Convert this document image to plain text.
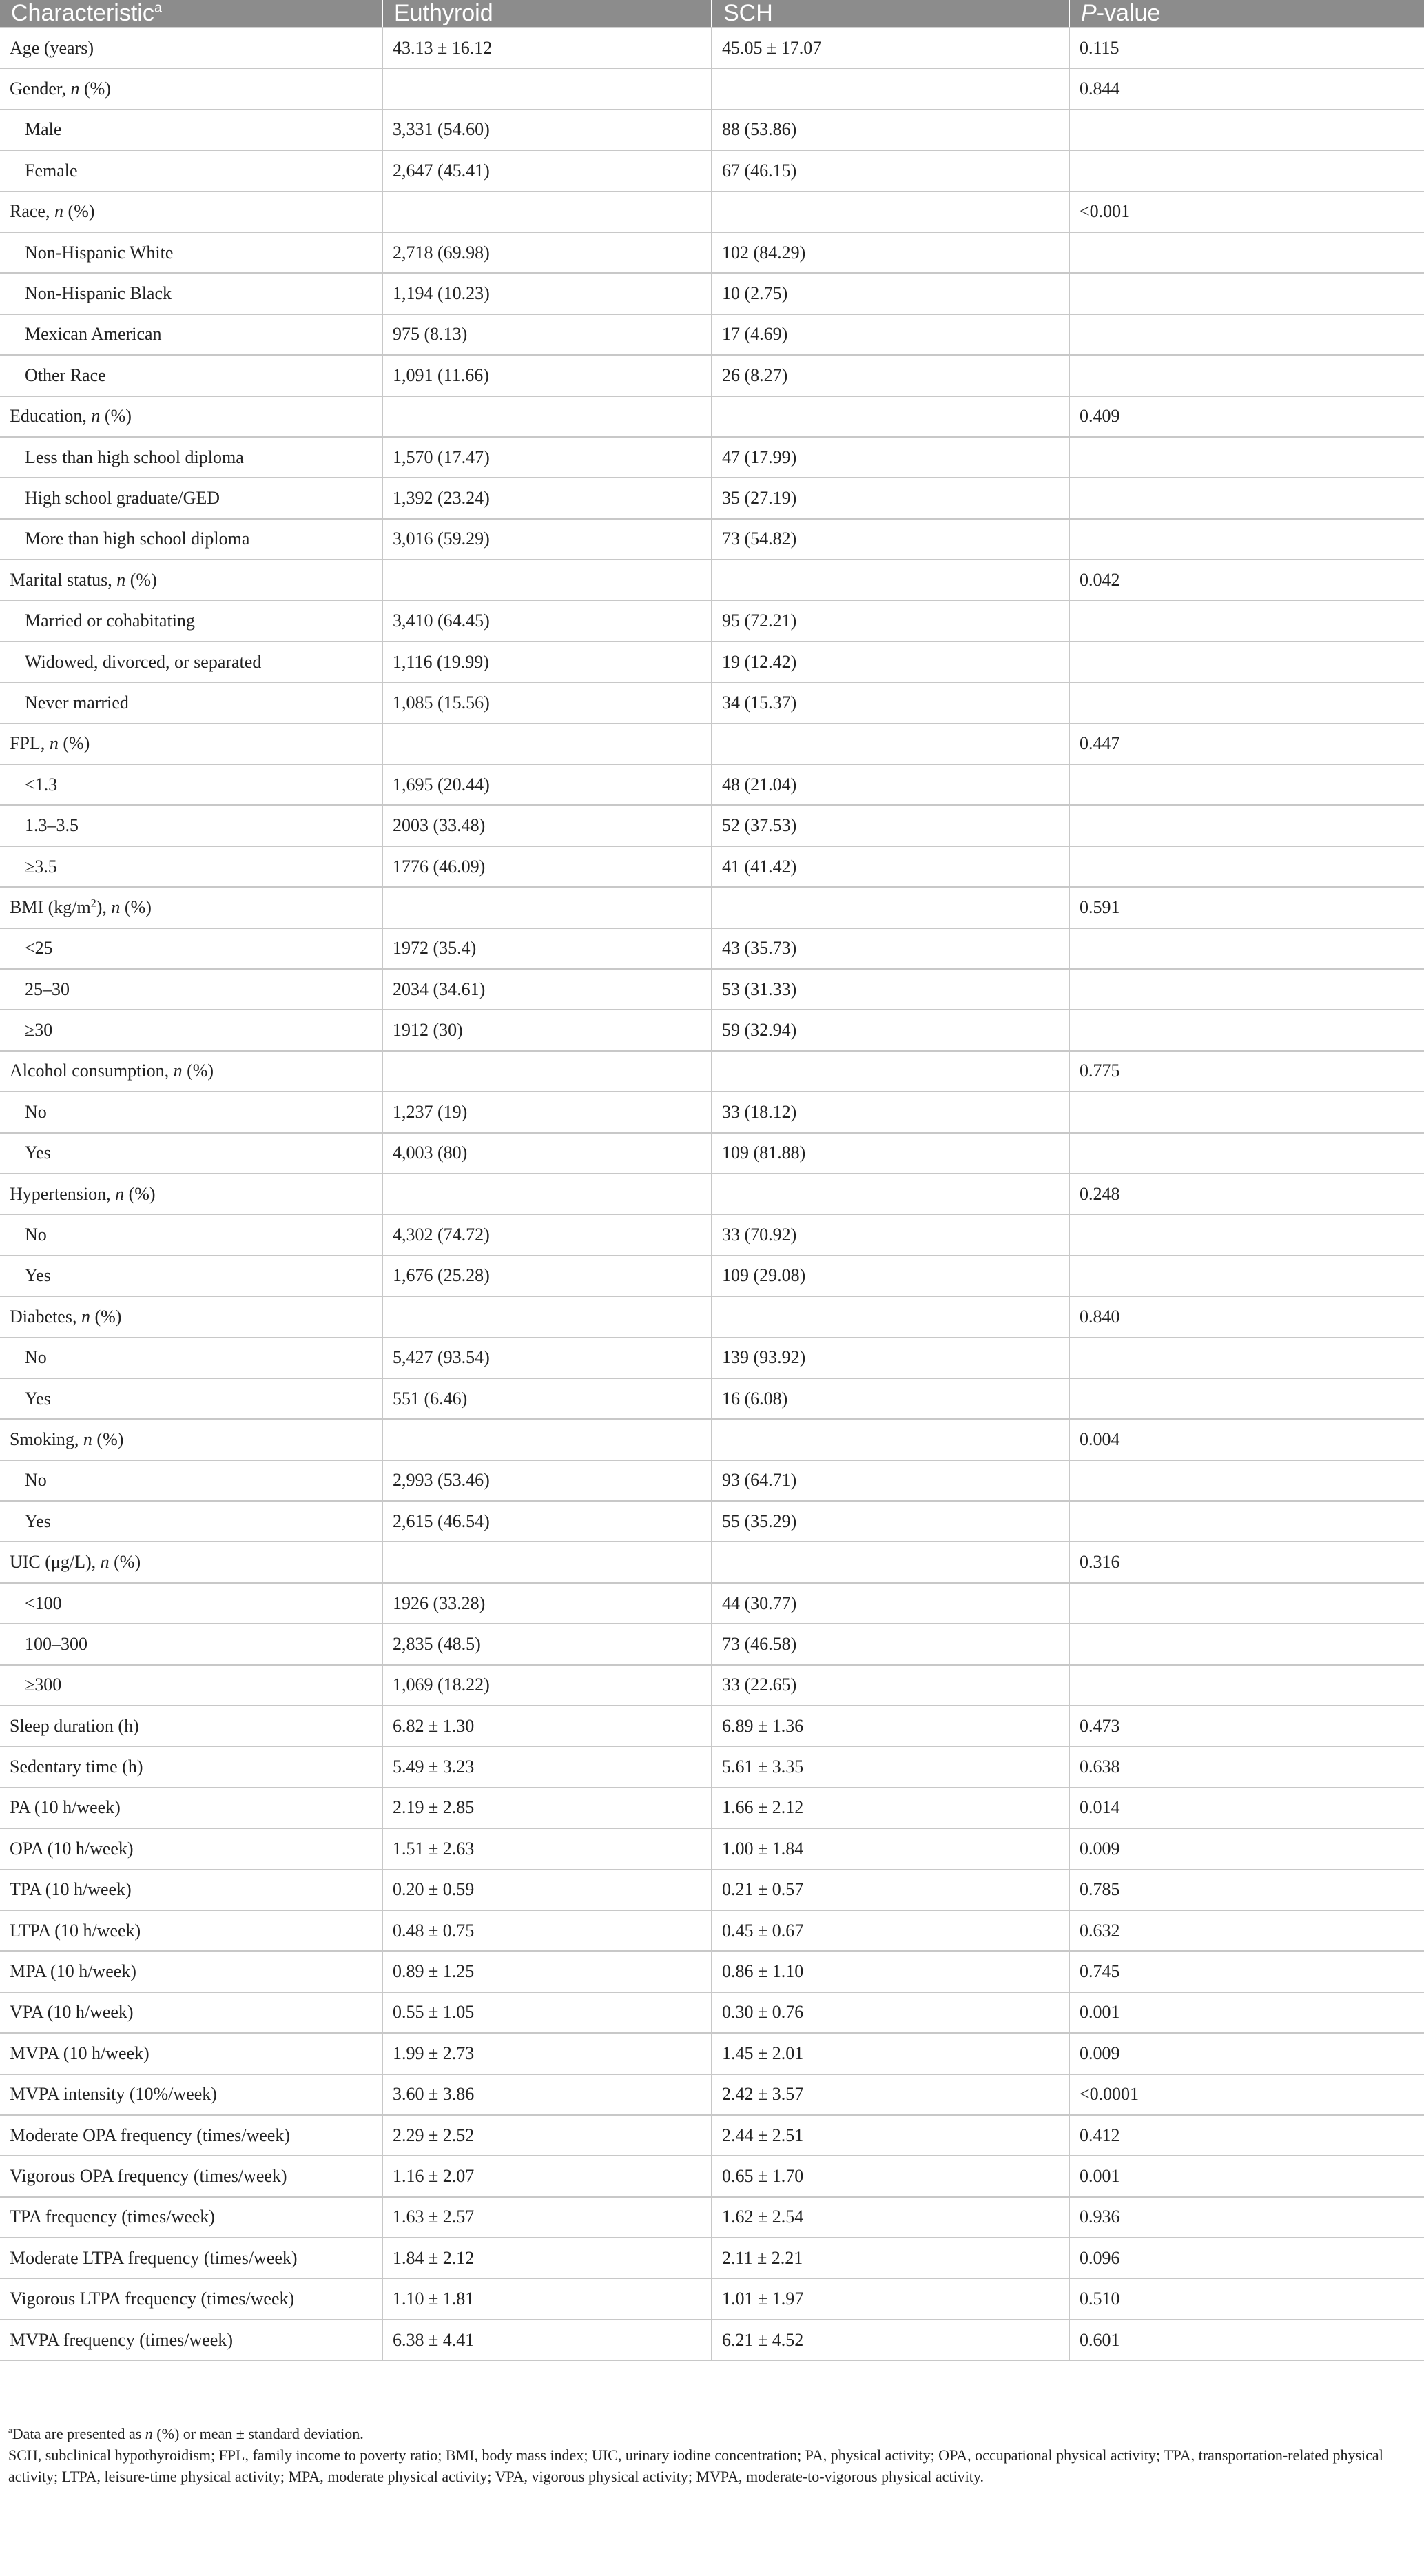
Characteristic$^a$	Euthyroid	SCH	P-value
Age (years)	43.13 ± 16.12	45.05 ± 17.07	0.115
Gender, n (%)			0.844
Male	3,331 (54.60)	88 (53.86)	
Female	2,647 (45.41)	67 (46.15)	
Race, n (%)			<0.001
Non-Hispanic White	2,718 (69.98)	102 (84.29)	
Non-Hispanic Black	1,194 (10.23)	10 (2.75)	
Mexican American	975 (8.13)	17 (4.69)	
Other Race	1,091 (11.66)	26 (8.27)	
Education, n (%)			0.409
Less than high school diploma	1,570 (17.47)	47 (17.99)	
High school graduate/GED	1,392 (23.24)	35 (27.19)	
More than high school diploma	3,016 (59.29)	73 (54.82)	
Marital status, n (%)			0.042
Married or cohabitating	3,410 (64.45)	95 (72.21)	
Widowed, divorced, or separated	1,116 (19.99)	19 (12.42)	
Never married	1,085 (15.56)	34 (15.37)	
FPL, n (%)			0.447
<1.3	1,695 (20.44)	48 (21.04)	
1.3–3.5	2003 (33.48)	52 (37.53)	
≥3.5	1776 (46.09)	41 (41.42)	
BMI $(kg/m^2)$, n (%)			0.591
<25	1972 (35.4)	43 (35.73)	
25–30	2034 (34.61)	53 (31.33)	
≥30	1912 (30)	59 (32.94)	
Alcohol consumption, n (%)			0.775
No	1,237 (19)	33 (18.12)	
Yes	4,003 (80)	109 (81.88)	
Hypertension, n (%)			0.248
No	4,302 (74.72)	33 (70.92)	
Yes	1,676 (25.28)	109 (29.08)	
Diabetes, n (%)			0.840
No	5,427 (93.54)	139 (93.92)	
Yes	551 (6.46)	16 (6.08)	
Smoking, n (%)			0.004
No	2,993 (53.46)	93 (64.71)	
Yes	2,615 (46.54)	55 (35.29)	
UIC (μg/L), n (%)			0.316
<100	1926 (33.28)	44 (30.77)	
100–300	2,835 (48.5)	73 (46.58)	
≥300	1,069 (18.22)	33 (22.65)	
Sleep duration (h)	6.82 ± 1.30	6.89 ± 1.36	0.473
Sedentary time (h)	5.49 ± 3.23	5.61 ± 3.35	0.638
PA (10 h/week)	2.19 ± 2.85	1.66 ± 2.12	0.014
OPA (10 h/week)	1.51 ± 2.63	1.00 ± 1.84	0.009
TPA (10 h/week)	0.20 ± 0.59	0.21 ± 0.57	0.785
LTPA (10 h/week)	0.48 ± 0.75	0.45 ± 0.67	0.632
MPA (10 h/week)	0.89 ± 1.25	0.86 ± 1.10	0.745
VPA (10 h/week)	0.55 ± 1.05	0.30 ± 0.76	0.001
MVPA (10 h/week)	1.99 ± 2.73	1.45 ± 2.01	0.009
MVPA intensity (10%/week)	3.60 ± 3.86	2.42 ± 3.57	<0.0001
Moderate OPA frequency (times/week)	2.29 ± 2.52	2.44 ± 2.51	0.412
Vigorous OPA frequency (times/week)	1.16 ± 2.07	0.65 ± 1.70	0.001
TPA frequency (times/week)	1.63 ± 2.57	1.62 ± 2.54	0.936
Moderate LTPA frequency (times/week)	1.84 ± 2.12	2.11 ± 2.21	0.096
Vigorous LTPA frequency (times/week)	1.10 ± 1.81	1.01 ± 1.97	0.510
MVPA frequency (times/week)	6.38 ± 4.41	6.21 ± 4.52	0.601

$^a$Data are presented as n (%) or mean ± standard deviation.

SCH, subclinical hypothyroidism; FPL, family income to poverty ratio; BMI, body mass index; UIC, urinary iodine concentration; PA, physical activity; OPA, occupational physical activity; TPA, transportation-related physical activity; LTPA, leisure-time physical activity; MPA, moderate physical activity; VPA, vigorous physical activity; MVPA, moderate-to-vigorous physical activity.
